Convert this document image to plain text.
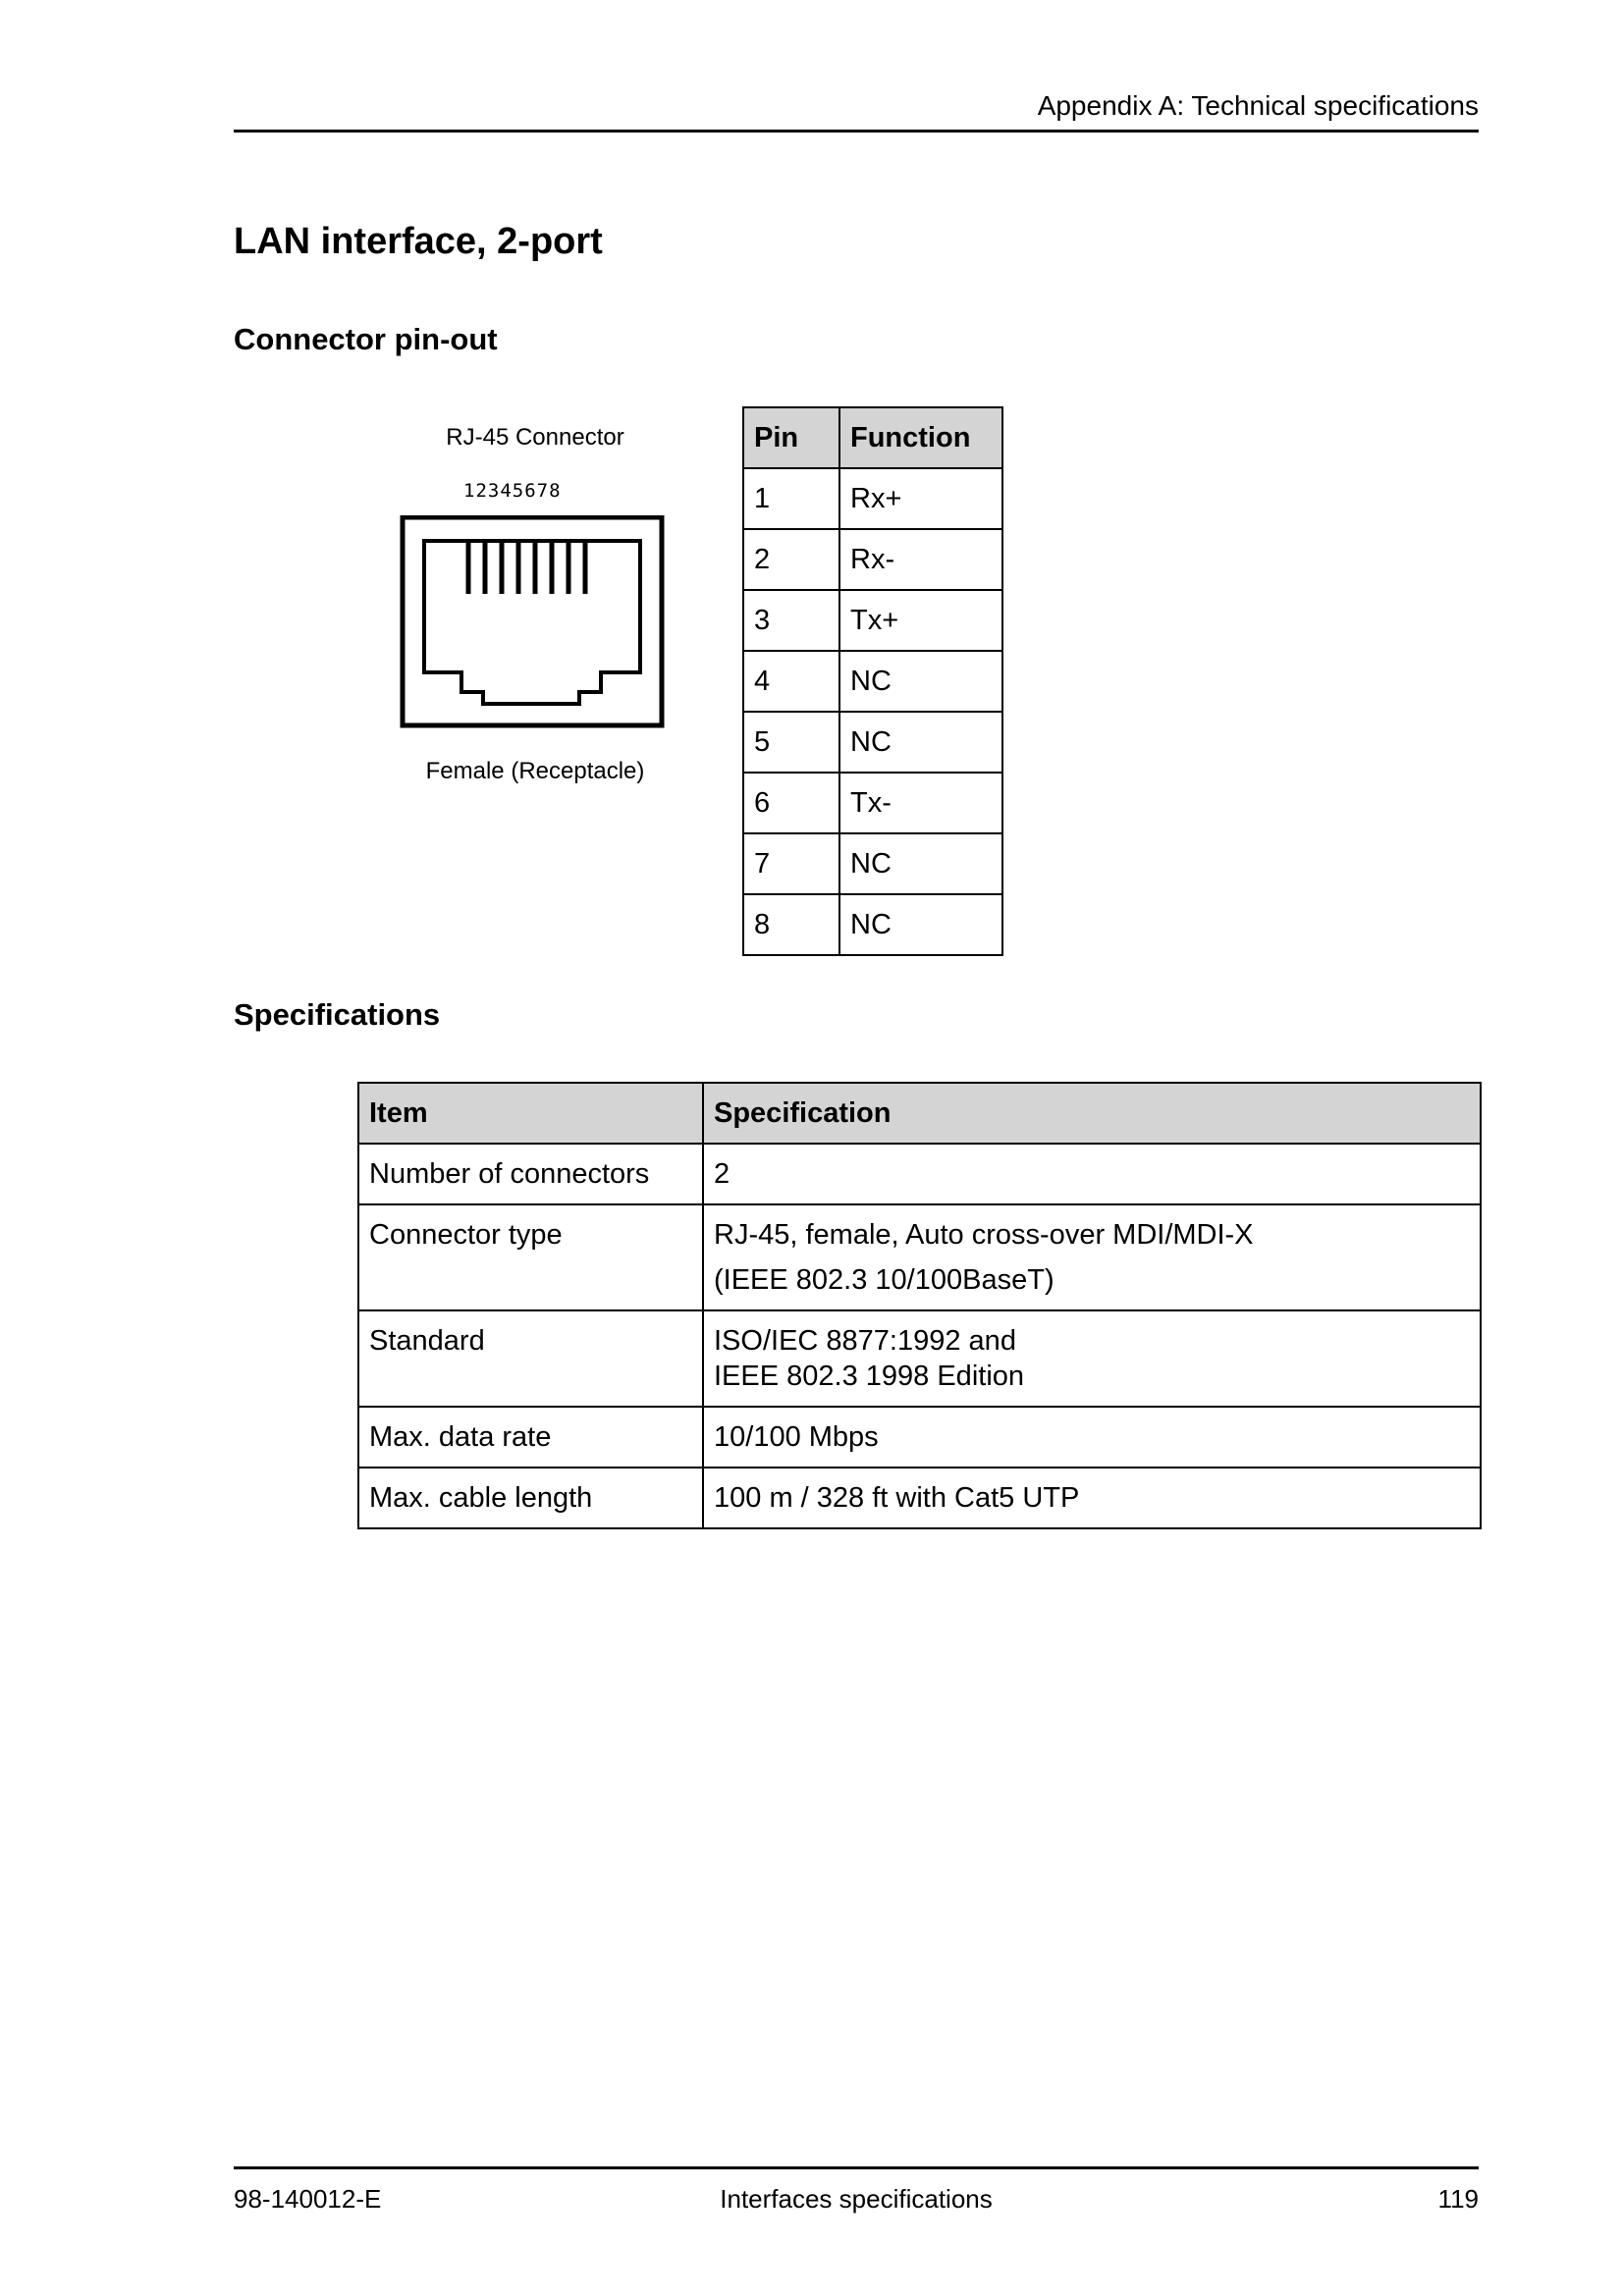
Appendix A: Technical specifications
LAN interface, 2-port
Connector pin-out
RJ-45 Connector
12345678
Female (Receptacle)
Pin	Function
1	Rx+
2	Rx-
3	Tx+
4	NC
5	NC
6	Tx-
7	NC
8	NC
Specifications
Item	Specification
Number of connectors	2

Connector type	RJ-45, female, Auto cross-over MDI/MDI-X
(IEEE 802.3 10/100BaseT)

Standard	ISO/IEC 8877:1992 and
IEEE 802.3 1998 Edition

Max. data rate	10/100 Mbps

Max. cable length	100 m / 328 ft with Cat5 UTP
98-140012-E	Interfaces specifications	119
